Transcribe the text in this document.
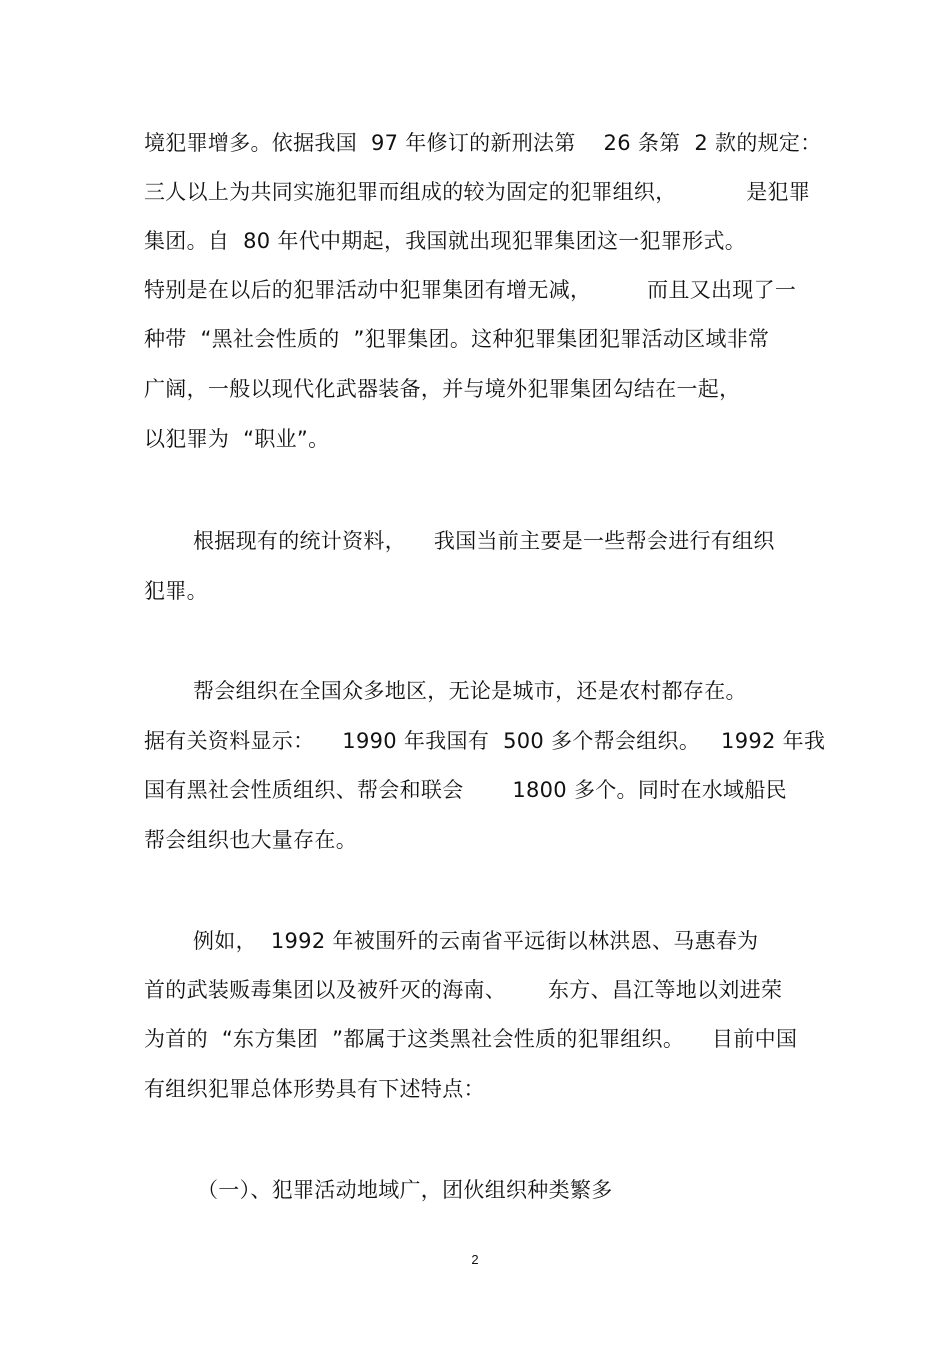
境犯罪增多。依据我国  97 年修订的新刑法第    26 条第  2 款的规定：
三人以上为共同实施犯罪而组成的较为固定的犯罪组织，          是犯罪
集团。自  80 年代中期起，我国就出现犯罪集团这一犯罪形式。
特别是在以后的犯罪活动中犯罪集团有增无减，        而且又出现了一
种带  “黑社会性质的  ”犯罪集团。这种犯罪集团犯罪活动区域非常
广阔，一般以现代化武器装备，并与境外犯罪集团勾结在一起，
以犯罪为  “职业”。
根据现有的统计资料，    我国当前主要是一些帮会进行有组织
犯罪。
帮会组织在全国众多地区，无论是城市，还是农村都存在。
据有关资料显示：    1990 年我国有  500 多个帮会组织。   1992 年我
国有黑社会性质组织、帮会和联会       1800 多个。同时在水域船民
帮会组织也大量存在。
例如，  1992 年被围歼的云南省平远街以林洪恩、马惠春为
首的武装贩毒集团以及被歼灭的海南、      东方、昌江等地以刘进荣
为首的  “东方集团  ”都属于这类黑社会性质的犯罪组织。    目前中国
有组织犯罪总体形势具有下述特点：
（一）、犯罪活动地域广，团伙组织种类繁多
2
